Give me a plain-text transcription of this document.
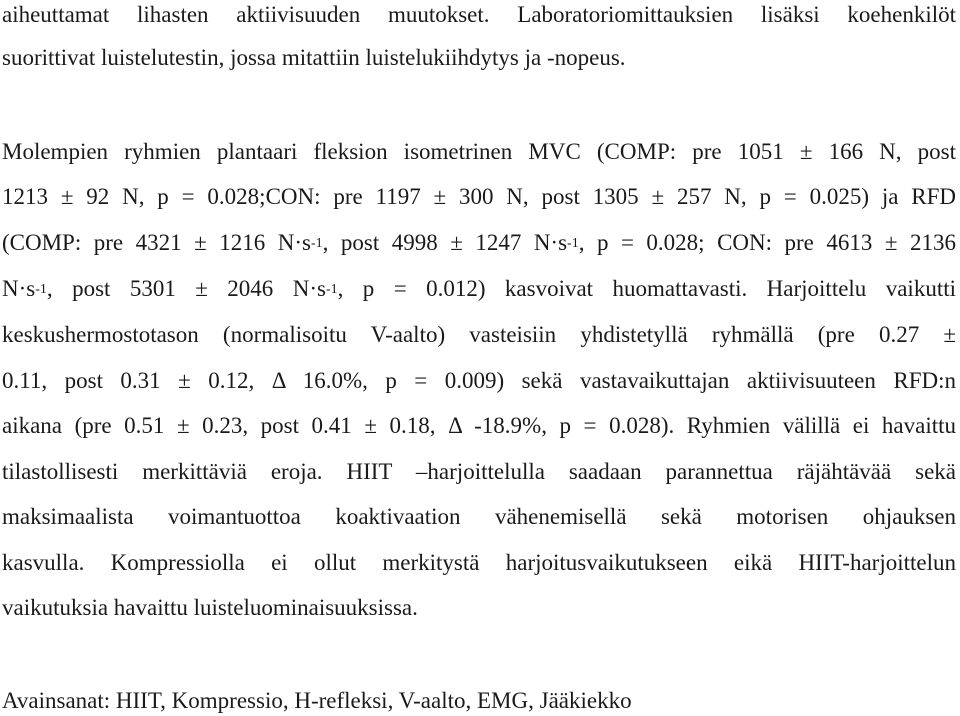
aiheuttamat lihasten aktiivisuuden muutokset. Laboratoriomittauksien lisäksi koehenkilöt
suorittivat luistelutestin, jossa mitattiin luistelukiihdytys ja -nopeus.
Molempien ryhmien plantaari fleksion isometrinen MVC (COMP: pre 1051 ± 166 N, post
1213 ± 92 N, p = 0.028;CON: pre 1197 ± 300 N, post 1305 ± 257 N, p = 0.025) ja RFD
(COMP: pre 4321 ± 1216 $N\cdot s^{-1}$, post 4998 ± 1247 $N\cdot s^{-1}$, p = 0.028; CON: pre 4613 ± 2136
$N\cdot s^{-1}$, post 5301 ± 2046 $N\cdot s^{-1}$, p = 0.012) kasvoivat huomattavasti. Harjoittelu vaikutti
keskushermostotason (normalisoitu V-aalto) vasteisiin yhdistetyllä ryhmällä (pre 0.27 ±
0.11, post 0.31 ± 0.12, Δ 16.0%, p = 0.009) sekä vastavaikuttajan aktiivisuuteen RFD:n
aikana (pre 0.51 ± 0.23, post 0.41 ± 0.18, Δ -18.9%, p = 0.028). Ryhmien välillä ei havaittu
tilastollisesti merkittäviä eroja. HIIT –harjoittelulla saadaan parannettua räjähtävää sekä
maksimaalista voimantuottoa koaktivaation vähenemisellä sekä motorisen ohjauksen
kasvulla. Kompressiolla ei ollut merkitystä harjoitusvaikutukseen eikä HIIT-harjoittelun
vaikutuksia havaittu luisteluominaisuuksissa.
Avainsanat: HIIT, Kompressio, H-refleksi, V-aalto, EMG, Jääkiekko
